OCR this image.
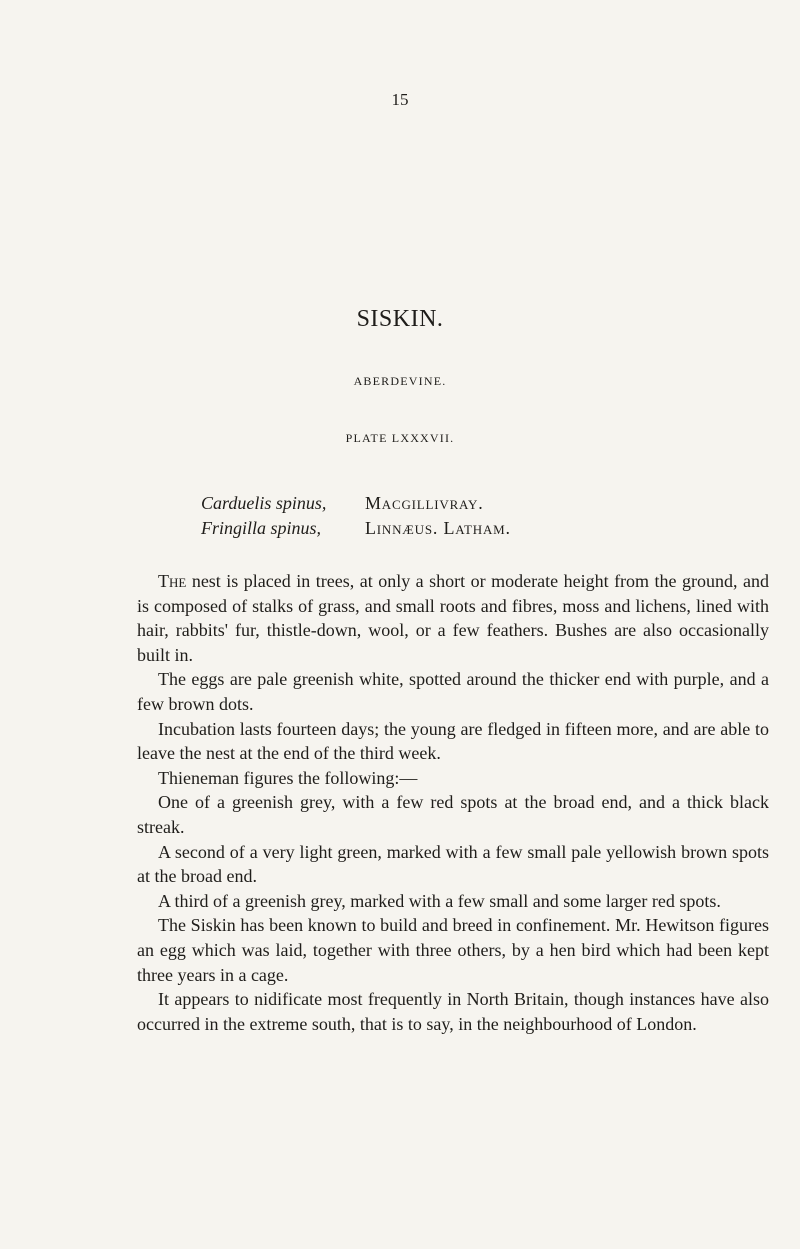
15
SISKIN.
ABERDEVINE.
PLATE LXXXVII.
Carduelis spinus, Macgillivray.
Fringilla spinus, Linnæus. Latham.

The nest is placed in trees, at only a short or moderate height from the ground, and is composed of stalks of grass, and small roots and fibres, moss and lichens, lined with hair, rabbits' fur, thistle-down, wool, or a few feathers. Bushes are also occasionally built in.

The eggs are pale greenish white, spotted around the thicker end with purple, and a few brown dots.

Incubation lasts fourteen days; the young are fledged in fifteen more, and are able to leave the nest at the end of the third week.

Thieneman figures the following:—

One of a greenish grey, with a few red spots at the broad end, and a thick black streak.

A second of a very light green, marked with a few small pale yellowish brown spots at the broad end.

A third of a greenish grey, marked with a few small and some larger red spots.

The Siskin has been known to build and breed in confinement. Mr. Hewitson figures an egg which was laid, together with three others, by a hen bird which had been kept three years in a cage.

It appears to nidificate most frequently in North Britain, though instances have also occurred in the extreme south, that is to say, in the neighbourhood of London.
